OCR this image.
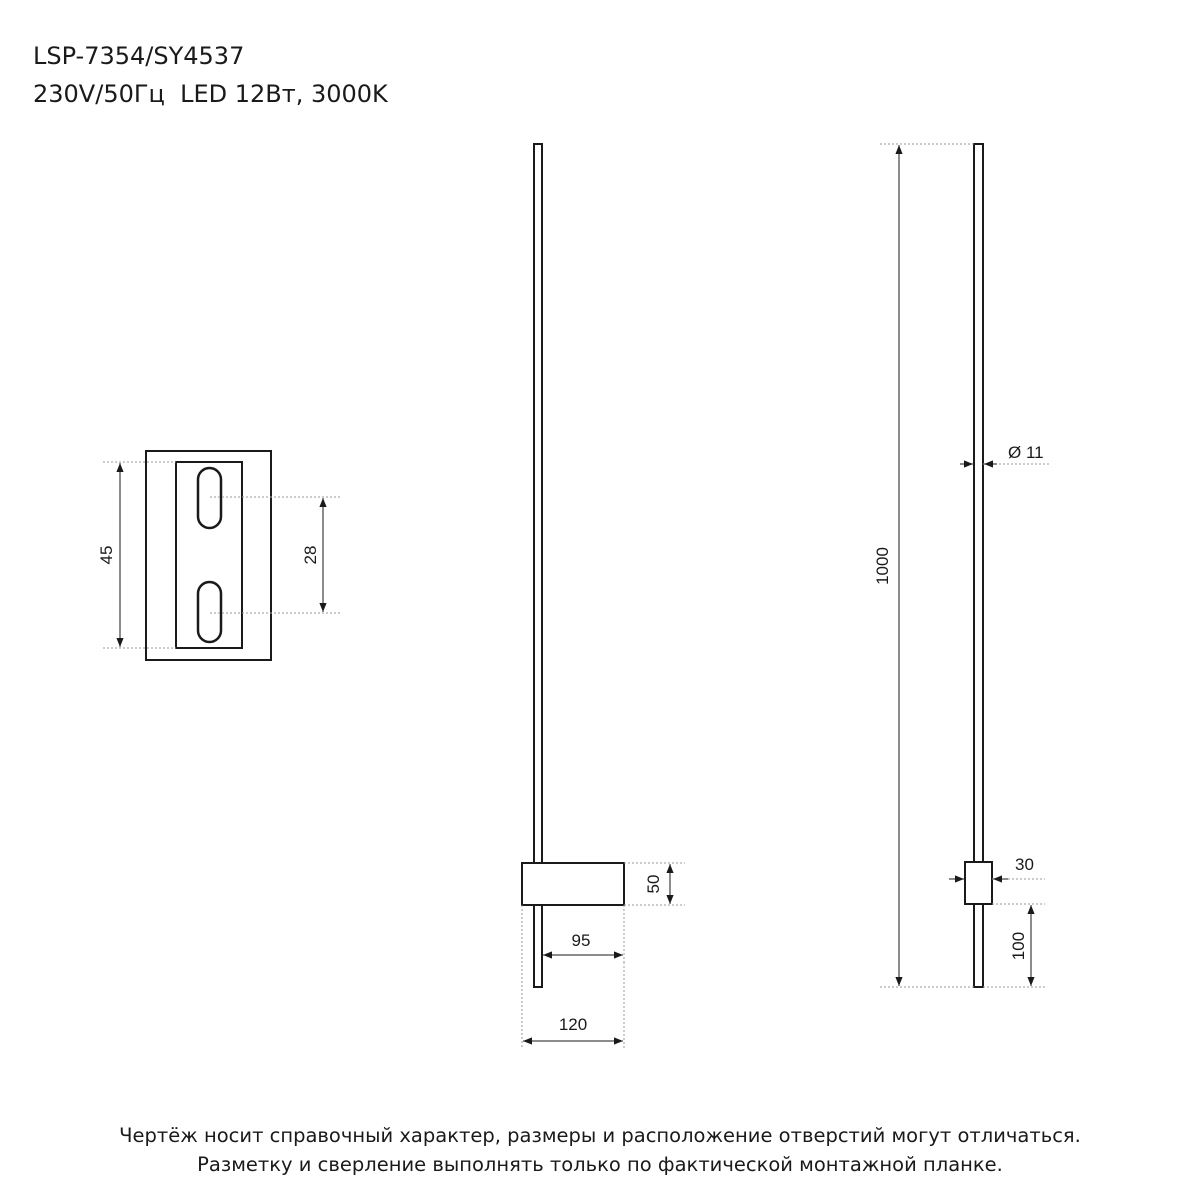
LSP-7354/SY4537
230V/50Гц  LED 12Вт, 3000K
45	28
50
95
120
1000
Ø 11
30
100
Чертёж носит справочный характер, размеры и расположение отверстий могут отличаться.
Разметку и сверление выполнять только по фактической монтажной планке.
